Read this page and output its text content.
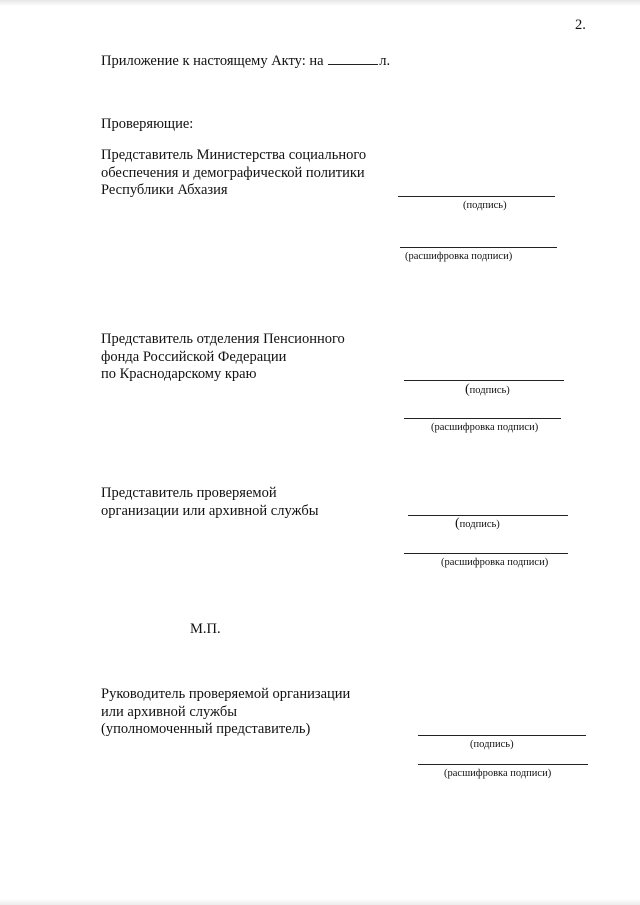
2.
Приложение к настоящему Акту: на	л.
Проверяющие:
Представитель Министерства социального
обеспечения и демографической политики
Республики Абхазия
(подпись)
(расшифровка подписи)
Представитель отделения Пенсионного
фонда Российской Федерации
по Краснодарскому краю
(подпись)
(расшифровка подписи)
Представитель проверяемой
организации или архивной службы
(подпись)
(расшифровка подписи)
М.П.
Руководитель проверяемой организации
или архивной службы
(уполномоченный представитель)
(подпись)
(расшифровка подписи)
